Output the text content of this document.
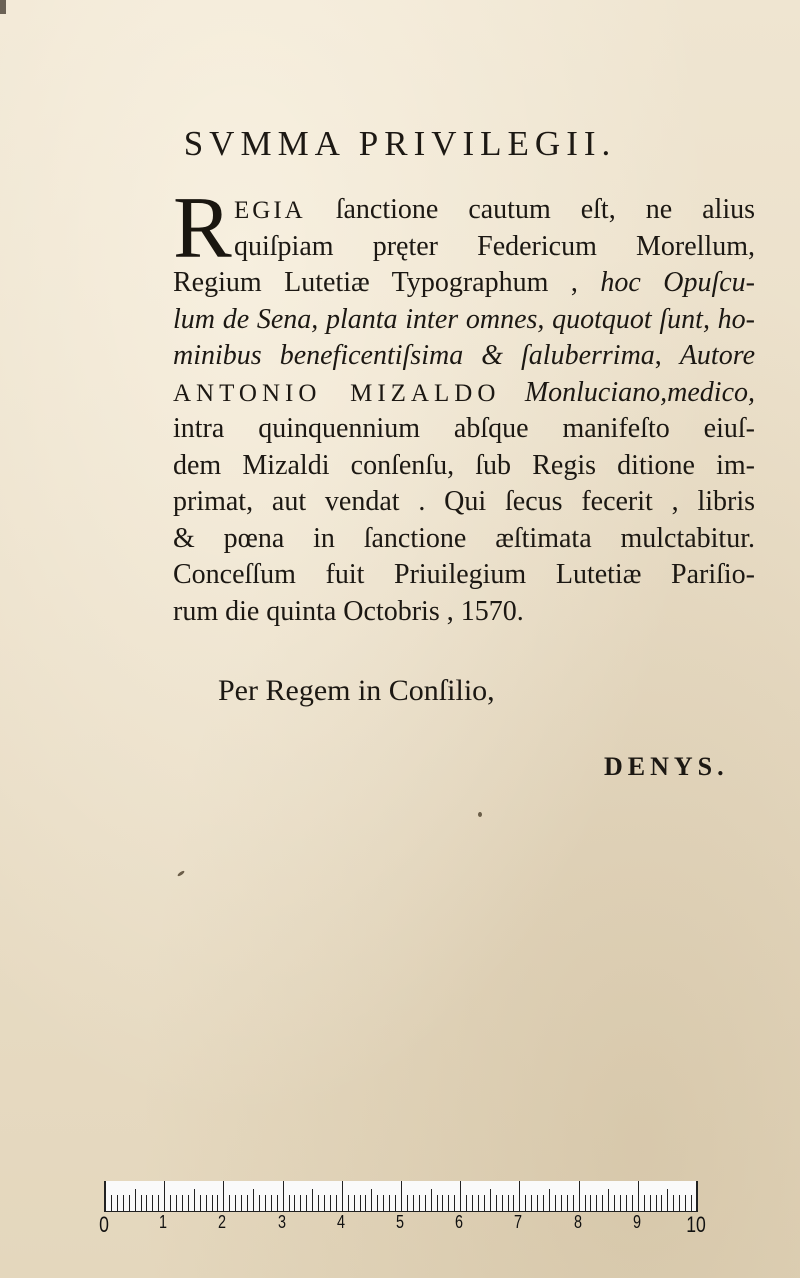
SVMMA PRIVILEGII.
R EGIA ſanctione cautum eſt, ne alius
quiſpiam pręter Federicum Morellum,
Regium Lutetiæ Typographum , hoc Opuſcu-
lum de Sena, planta inter omnes, quotquot ſunt, ho-
minibus beneficentiſsima & ſaluberrima, Autore
ANTONIO MIZALDO Monluciano,medico,
intra quinquennium abſque manifeſto eiuſ-
dem Mizaldi conſenſu, ſub Regis ditione im-
primat, aut vendat . Qui ſecus fecerit , libris
& pœna in ſanctione æſtimata mulctabitur.
Conceſſum fuit Priuilegium Lutetiæ Pariſio-
rum die quinta Octobris , 1570.
Per Regem in Conſilio,
DENYS.
0	1	2	3	4	5	6	7	8	9 10
